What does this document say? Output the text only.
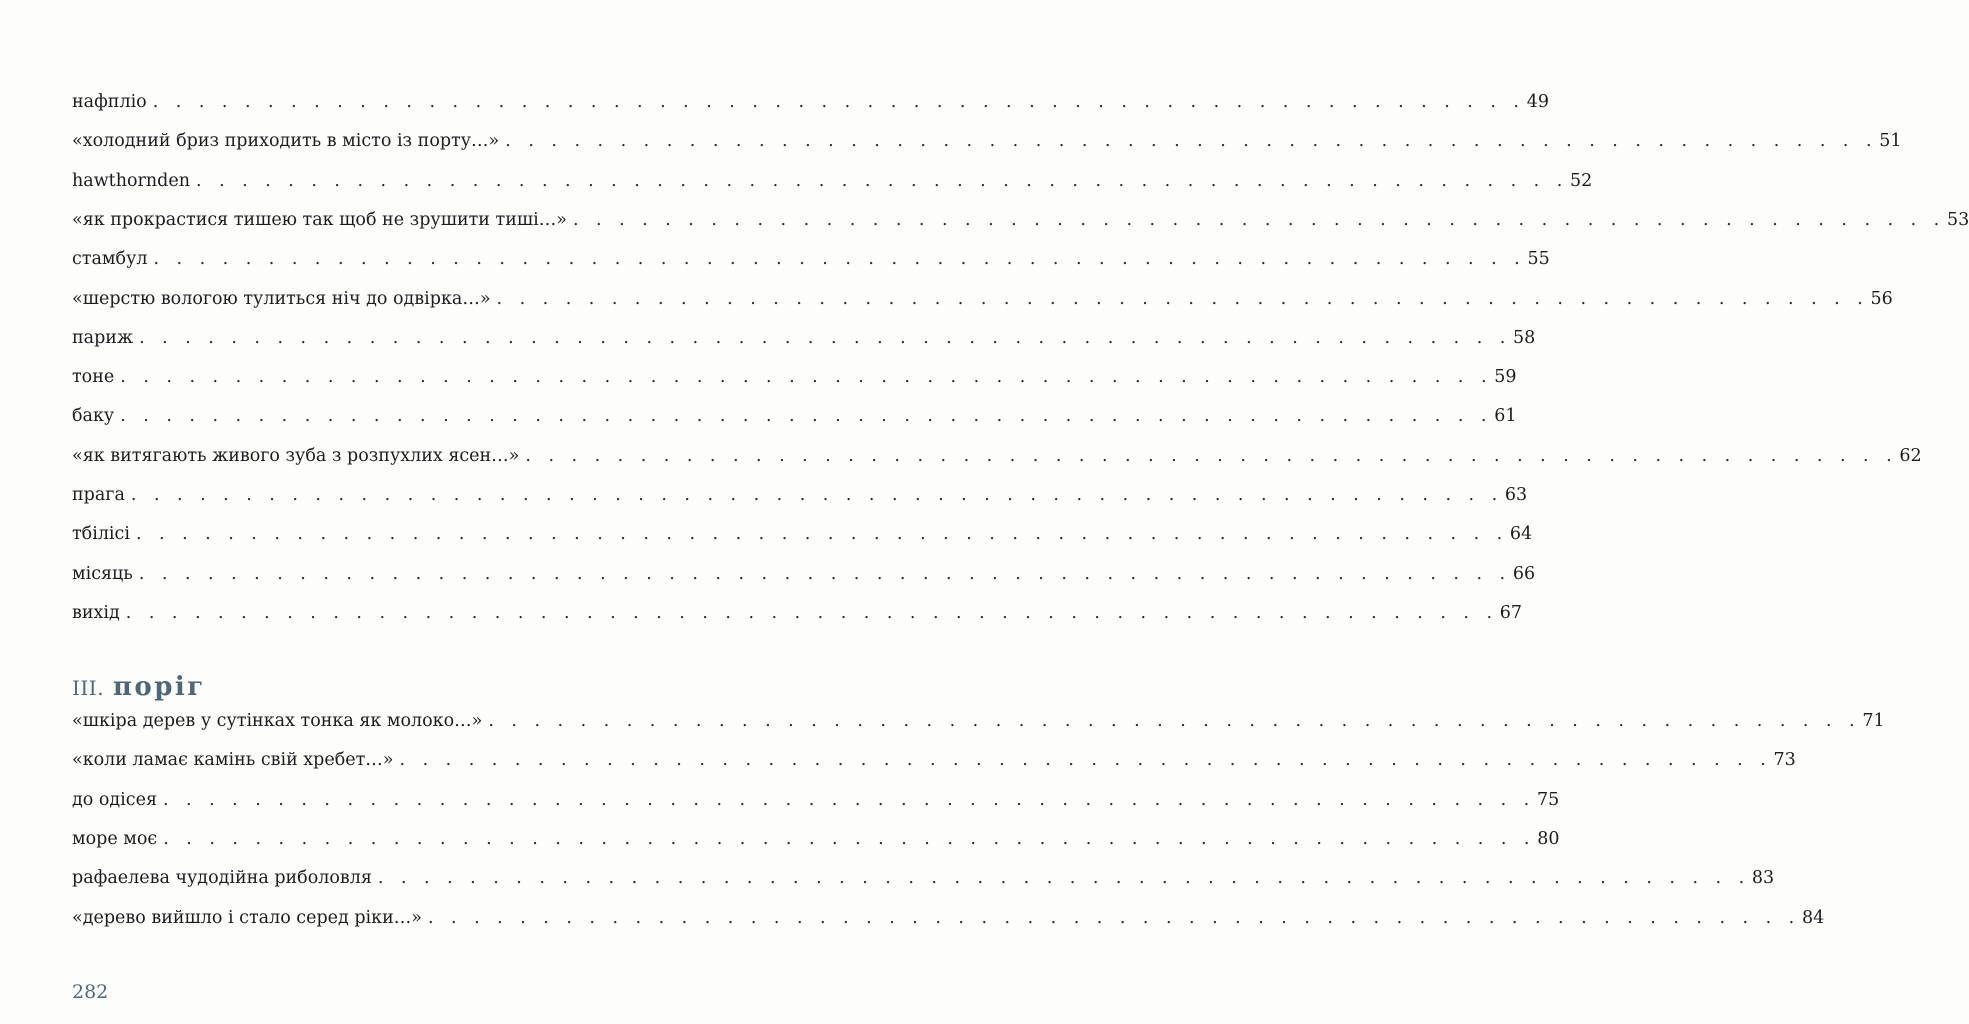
нафпліо . . . . . . . . . . . . . . . . . . . . . . . . . . . . . . . . . . . . . . . . . . . . . . . . . . . . . . . . . . . . 49
«холодний бриз приходить в місто із порту…» . . . . . . . . . . . . . . . . . . . . . . . . . . . . . . . . . . . . . . . . . . . . . . . . . . . . . . . . . . . . 51
hawthornden . . . . . . . . . . . . . . . . . . . . . . . . . . . . . . . . . . . . . . . . . . . . . . . . . . . . . . . . . . . . 52
«як прокрастися тишею так щоб не зрушити тиші…» . . . . . . . . . . . . . . . . . . . . . . . . . . . . . . . . . . . . . . . . . . . . . . . . . . . . . . . . . . . . 53
стамбул . . . . . . . . . . . . . . . . . . . . . . . . . . . . . . . . . . . . . . . . . . . . . . . . . . . . . . . . . . . . 55
«шерстю вологою тулиться ніч до одвірка…» . . . . . . . . . . . . . . . . . . . . . . . . . . . . . . . . . . . . . . . . . . . . . . . . . . . . . . . . . . . . 56
париж . . . . . . . . . . . . . . . . . . . . . . . . . . . . . . . . . . . . . . . . . . . . . . . . . . . . . . . . . . . . 58
тоне . . . . . . . . . . . . . . . . . . . . . . . . . . . . . . . . . . . . . . . . . . . . . . . . . . . . . . . . . . . . 59
баку . . . . . . . . . . . . . . . . . . . . . . . . . . . . . . . . . . . . . . . . . . . . . . . . . . . . . . . . . . . . 61
«як витягають живого зуба з розпухлих ясен…» . . . . . . . . . . . . . . . . . . . . . . . . . . . . . . . . . . . . . . . . . . . . . . . . . . . . . . . . . . . . 62
прага . . . . . . . . . . . . . . . . . . . . . . . . . . . . . . . . . . . . . . . . . . . . . . . . . . . . . . . . . . . . 63
тбілісі . . . . . . . . . . . . . . . . . . . . . . . . . . . . . . . . . . . . . . . . . . . . . . . . . . . . . . . . . . . . 64
місяць . . . . . . . . . . . . . . . . . . . . . . . . . . . . . . . . . . . . . . . . . . . . . . . . . . . . . . . . . . . . 66
вихід . . . . . . . . . . . . . . . . . . . . . . . . . . . . . . . . . . . . . . . . . . . . . . . . . . . . . . . . . . . . 67
III. поріг
«шкіра дерев у сутінках тонка як молоко…» . . . . . . . . . . . . . . . . . . . . . . . . . . . . . . . . . . . . . . . . . . . . . . . . . . . . . . . . . . . . 71
«коли ламає камінь свій хребет…» . . . . . . . . . . . . . . . . . . . . . . . . . . . . . . . . . . . . . . . . . . . . . . . . . . . . . . . . . . . . 73
до одісея . . . . . . . . . . . . . . . . . . . . . . . . . . . . . . . . . . . . . . . . . . . . . . . . . . . . . . . . . . . . 75
море моє . . . . . . . . . . . . . . . . . . . . . . . . . . . . . . . . . . . . . . . . . . . . . . . . . . . . . . . . . . . . 80
рафаелева чудодійна риболовля . . . . . . . . . . . . . . . . . . . . . . . . . . . . . . . . . . . . . . . . . . . . . . . . . . . . . . . . . . . . 83
«дерево вийшло і стало серед ріки…» . . . . . . . . . . . . . . . . . . . . . . . . . . . . . . . . . . . . . . . . . . . . . . . . . . . . . . . . . . . . 84
282
